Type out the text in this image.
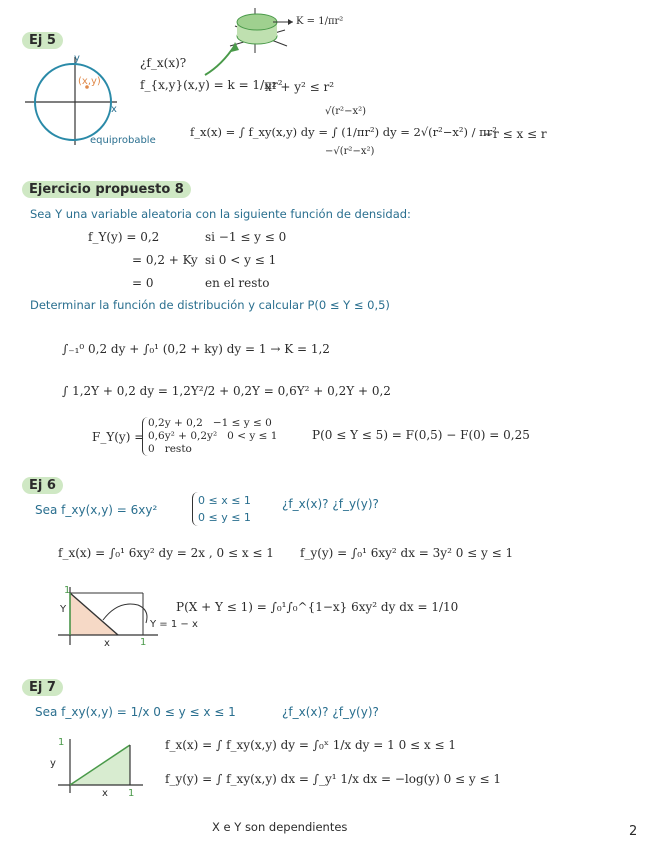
Ej 5
(x,y)
x
y
equiprobable
K = 1/πr²
¿f_x(x)?
f_{x,y}(x,y) = k = 1/πr²
x² + y² ≤ r²
√(r²−x²)
f_x(x) = ∫ f_xy(x,y) dy = ∫ (1/πr²) dy = 2√(r²−x²) / πr²
−√(r²−x²)
−r ≤ x ≤ r
Ejercicio propuesto 8
Sea Y una variable aleatoria con la siguiente función de densidad:
f_Y(y) = 0,2	si −1 ≤ y ≤ 0
= 0,2 + Ky si 0 < y ≤ 1
= 0	en el resto
Determinar la función de distribución y calcular P(0 ≤ Y ≤ 0,5)
∫₋₁⁰ 0,2 dy + ∫₀¹ (0,2 + ky) dy = 1 → K = 1,2
∫ 1,2Y + 0,2 dy = 1,2Y²/2 + 0,2Y = 0,6Y² + 0,2Y + 0,2
F_Y(y) =
0,2y + 0,2 −1 ≤ y ≤ 0
0,6y² + 0,2y² 0 < y ≤ 1
0 resto
P(0 ≤ Y ≤ 5) = F(0,5) − F(0) = 0,25
Ej 6
Sea f_xy(x,y) = 6xy²
0 ≤ x ≤ 1
0 ≤ y ≤ 1
¿f_x(x)? ¿f_y(y)?
f_x(x) = ∫₀¹ 6xy² dy = 2x , 0 ≤ x ≤ 1 f_y(y) = ∫₀¹ 6xy² dx = 3y² 0 ≤ y ≤ 1
1
1
Y
x
Y = 1 − x
P(X + Y ≤ 1) = ∫₀¹∫₀^{1−x} 6xy² dy dx = 1/10
Ej 7
Sea f_xy(x,y) = 1/x 0 ≤ y ≤ x ≤ 1	¿f_x(x)? ¿f_y(y)?
1
1
y
x
f_x(x) = ∫ f_xy(x,y) dy = ∫₀ˣ 1/x dy = 1 0 ≤ x ≤ 1
f_y(y) = ∫ f_xy(x,y) dx = ∫_y¹ 1/x dx = −log(y) 0 ≤ y ≤ 1
X e Y son dependientes	2
